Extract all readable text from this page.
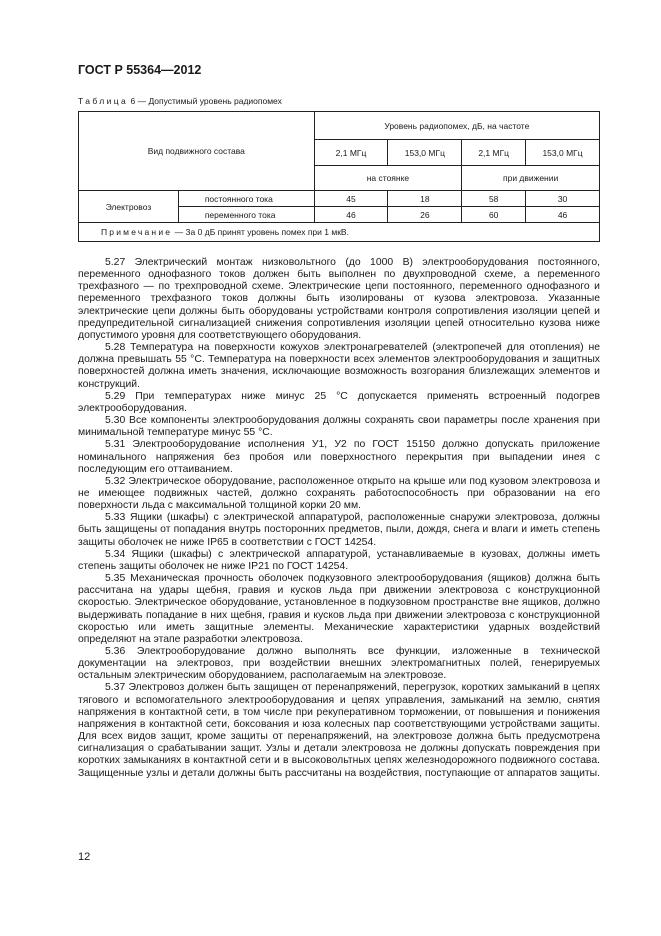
ГОСТ Р 55364—2012
Таблица 6 — Допустимый уровень радиопомех
Вид подвижного состава		Уровень радиопомех, дБ, на частоте			
		2,1 МГц	153,0 МГц	2,1 МГц	153,0 МГц
		на стоянке		при движении	
Электровоз	постоянного тока	45	18	58	30
	переменного тока	46	26	60	46
Примечание — За 0 дБ принят уровень помех при 1 мкВ.					

5.27 Электрический монтаж низковольтного (до 1000 В) электрооборудования постоянного, переменного однофазного токов должен быть выполнен по двухпроводной схеме, а переменного трехфазного — по трехпроводной схеме. Электрические цепи постоянного, переменного однофазного и переменного трехфазного токов должны быть изолированы от кузова электровоза. Указанные электрические цепи должны быть оборудованы устройствами контроля сопротивления изоляции цепей и предупредительной сигнализацией снижения сопротивления изоляции цепей относительно кузова ниже допустимого уровня для соответствующего оборудования.

5.28 Температура на поверхности кожухов электронагревателей (электропечей для отопления) не должна превышать 55 °С. Температура на поверхности всех элементов электрооборудования и защитных поверхностей должна иметь значения, исключающие возможность возгорания близлежащих элементов и конструкций.

5.29 При температурах ниже минус 25 °С допускается применять встроенный подогрев электрооборудования.

5.30 Все компоненты электрооборудования должны сохранять свои параметры после хранения при минимальной температуре минус 55 °С.

5.31 Электрооборудование исполнения У1, У2 по ГОСТ 15150 должно допускать приложение номинального напряжения без пробоя или поверхностного перекрытия при выпадении инея с последующим его оттаиванием.

5.32 Электрическое оборудование, расположенное открыто на крыше или под кузовом электровоза и не имеющее подвижных частей, должно сохранять работоспособность при образовании на его поверхности льда с максимальной толщиной корки 20 мм.

5.33 Ящики (шкафы) с электрической аппаратурой, расположенные снаружи электровоза, должны быть защищены от попадания внутрь посторонних предметов, пыли, дождя, снега и влаги и иметь степень защиты оболочек не ниже IP65 в соответствии с ГОСТ 14254.

5.34 Ящики (шкафы) с электрической аппаратурой, устанавливаемые в кузовах, должны иметь степень защиты оболочек не ниже IP21 по ГОСТ 14254.

5.35 Механическая прочность оболочек подкузовного электрооборудования (ящиков) должна быть рассчитана на удары щебня, гравия и кусков льда при движении электровоза с конструкционной скоростью. Электрическое оборудование, установленное в подкузовном пространстве вне ящиков, должно выдерживать попадание в них щебня, гравия и кусков льда при движении электровоза с конструкционной скоростью или иметь защитные элементы. Механические характеристики ударных воздействий определяют на этапе разработки электровоза.

5.36 Электрооборудование должно выполнять все функции, изложенные в технической документации на электровоз, при воздействии внешних электромагнитных полей, генерируемых остальным электрическим оборудованием, располагаемым на электровозе.

5.37 Электровоз должен быть защищен от перенапряжений, перегрузок, коротких замыканий в цепях тягового и вспомогательного электрооборудования и цепях управления, замыканий на землю, снятия напряжения в контактной сети, в том числе при рекуперативном торможении, от повышения и понижения напряжения в контактной сети, боксования и юза колесных пар соответствующими устройствами защиты. Для всех видов защит, кроме защиты от перенапряжений, на электровозе должна быть предусмотрена сигнализация о срабатывании защит. Узлы и детали электровоза не должны допускать повреждения при коротких замыканиях в контактной сети и в высоковольтных цепях железнодорожного подвижного состава. Защищенные узлы и детали должны быть рассчитаны на воздействия, поступающие от аппаратов защиты.

12
